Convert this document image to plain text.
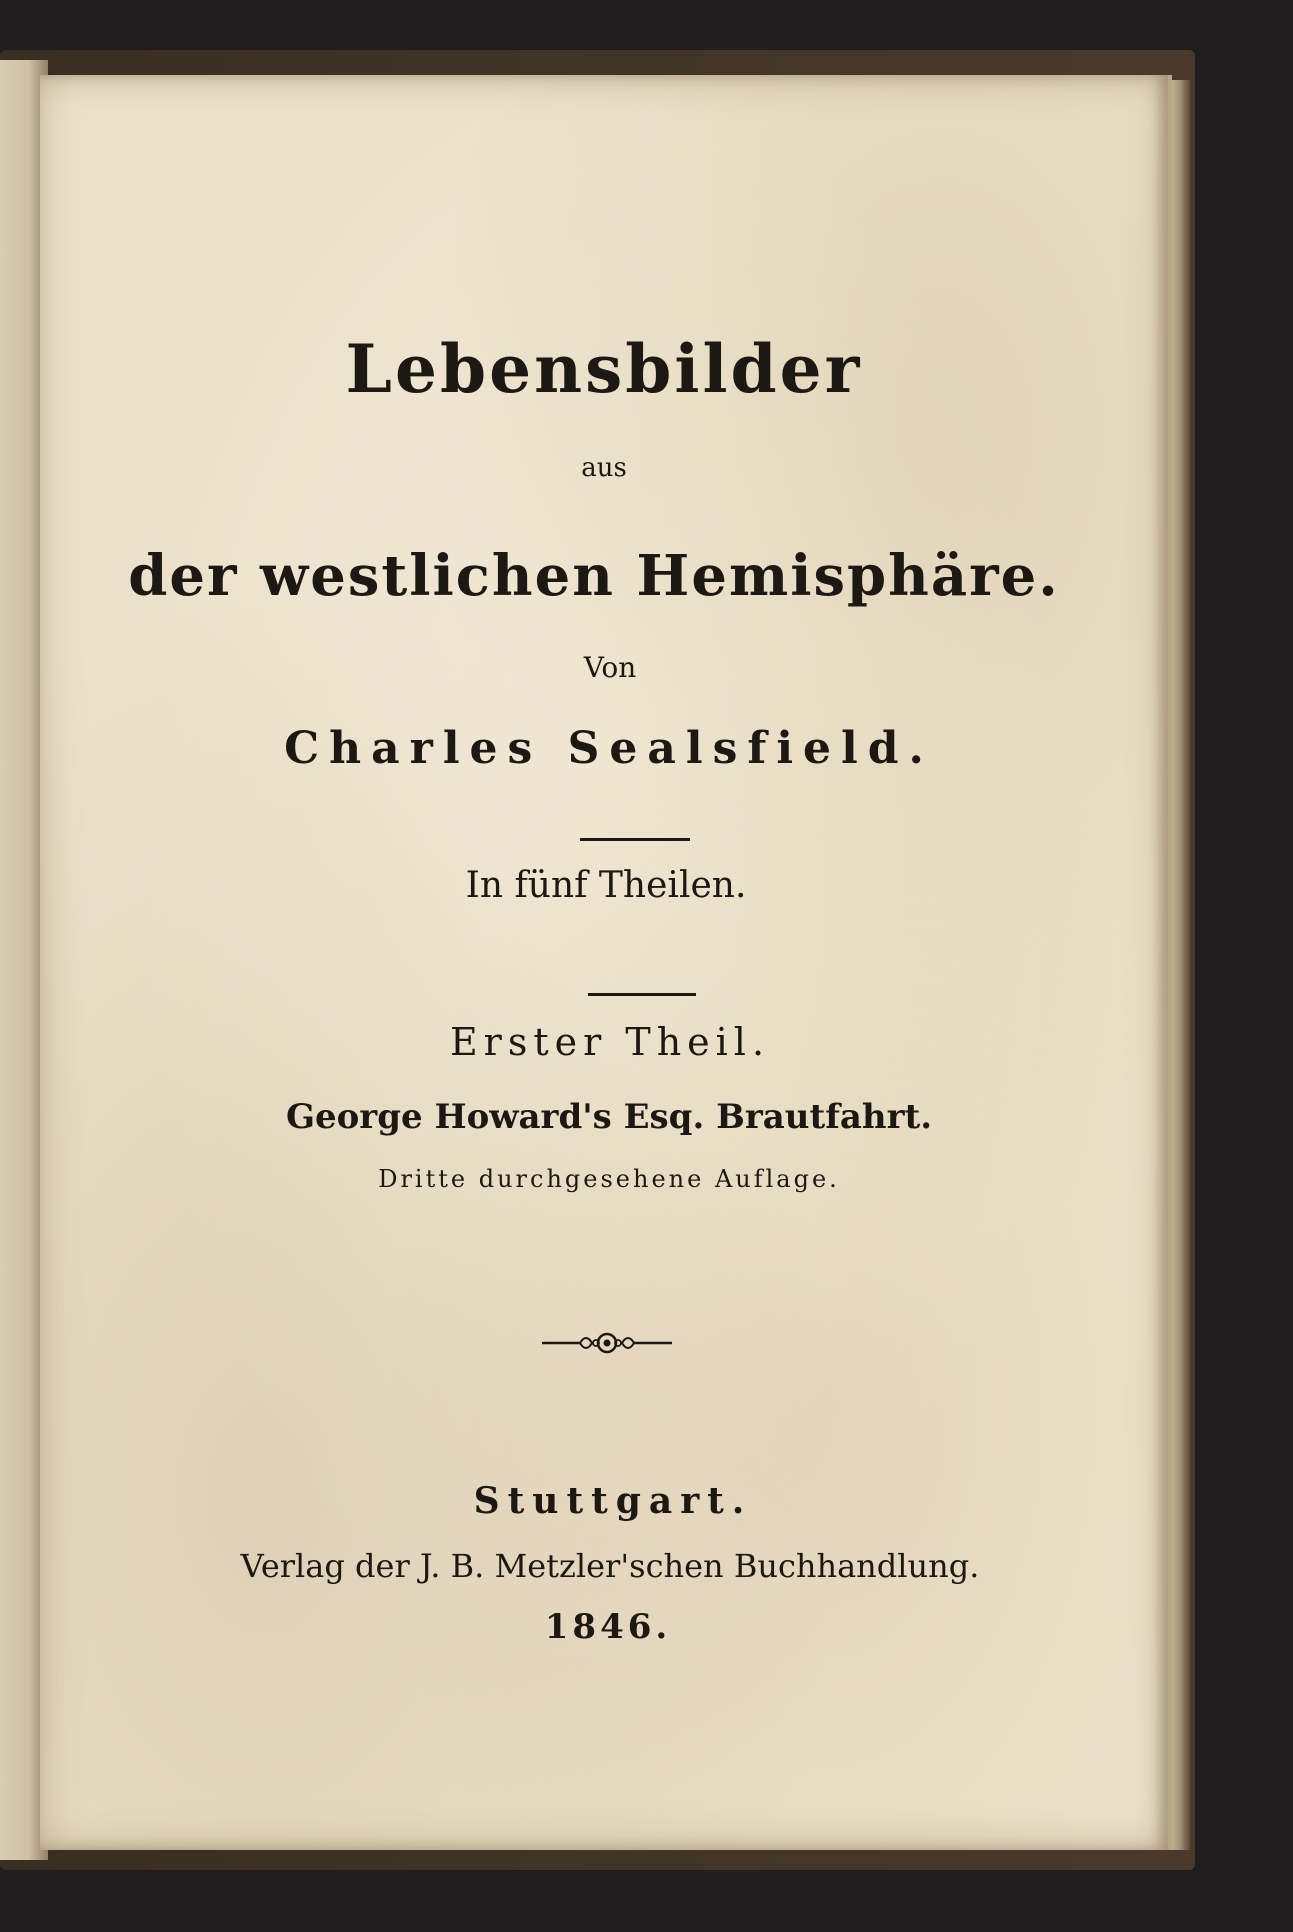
Lebensbilder
aus
der westlichen Hemisphäre.
Von
Charles Sealsfield.
In fünf Theilen.
Erster Theil.
George Howard's Esq. Brautfahrt.
Dritte durchgesehene Auflage.
Stuttgart.
Verlag der J. B. Metzler'schen Buchhandlung.
1846.
